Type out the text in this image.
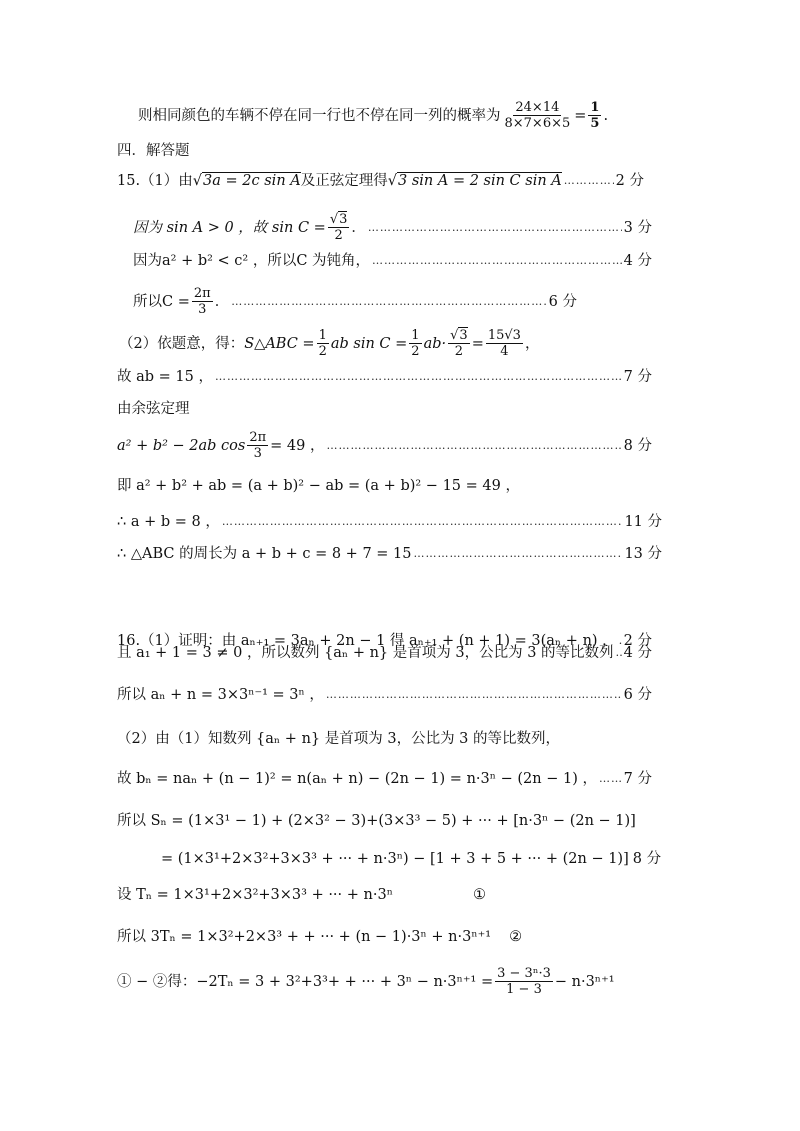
则相同颜色的车辆不停在同一行也不停在同一列的概率为 $\frac{24\times 14}{8\times 7\times 6\times 5} = \frac{1}{5}$ .
四．解答题
15.（1）由 √3a = 2c sin A 及正弦定理得 √3 sin A = 2 sin C sin A …………………………………………………………………………………………………………………………………………………………………………………………	2 分
因为 sin A > 0 ，故 $\sin C = \frac{√3}{2}$ ． …………………………………………………………………………………………………………………………………………………………………………………………	3 分
因为a² + b² < c² ，所以C 为钝角， …………………………………………………………………………………………………………………………………………………………………………………………	4 分
所以$C = \frac{2\pi}{3}$ ． …………………………………………………………………………………………………………………………………………………………………………………………	6 分
（2）依题意，得： S△ABC = $\frac{1}{2}$ ab $\sin C = \frac{1}{2} ab\cdot \frac{√3}{2} = \frac{15√3}{4}$ ，
故 ab = 15 ， …………………………………………………………………………………………………………………………………………………………………………………………	7 分
由余弦定理
a² + b² − 2ab $\cos \frac{2\pi}{3} = 49$ ， …………………………………………………………………………………………………………………………………………………………………………………………	8 分
即 a² + b² + ab = (a + b)² − ab = (a + b)² − 15 = 49 ，
∴ a + b = 8 ， …………………………………………………………………………………………………………………………………………………………………………………………	11 分
∴ △ABC 的周长为 a + b + c = 8 + 7 = 15 …………………………………………………………………………………………………………………………………………………………………………………………	13 分
16.（1）证明：由 aₙ₊₁ = 3aₙ + 2n − 1 得 aₙ₊₁ + (n + 1) = 3(aₙ + n) ， ………………………………………………………………………………………………………………………………………………………………………………………… 2 分
且 a₁ + 1 = 3 ≠ 0 ，所以数列 {aₙ + n} 是首项为 3，公比为 3 的等比数列 ………………………………………………………………………………………………………………………………………………………………………………………… 4 分
所以 aₙ + n = 3×3ⁿ⁻¹ = 3ⁿ ， …………………………………………………………………………………………………………………………………………………………………………………………	6 分
（2）由（1）知数列 {aₙ + n} 是首项为 3，公比为 3 的等比数列，
故 bₙ = naₙ + (n − 1)² = n(aₙ + n) − (2n − 1) = n·3ⁿ − (2n − 1) ， ………………………………………………………………………………………………………………………………………………………………………………………… 7 分
所以 Sₙ = (1×3¹ − 1) + (2×3² − 3)+(3×3³ − 5) + ··· + [n·3ⁿ − (2n − 1)]
= (1×3¹+2×3²+3×3³ + ··· + n·3ⁿ) − [1 + 3 + 5 + ··· + (2n − 1)] 8 分
设 Tₙ = 1×3¹+2×3²+3×3³ + ··· + n·3ⁿ	①
所以 3Tₙ = 1×3²+2×3³ + + ··· + (n − 1)·3ⁿ + n·3ⁿ⁺¹ ②
① − ②得：−2Tₙ = 3 + 3²+3³+ + ··· + $3^n - n\cdot 3^{n+1} = \frac{\text{3 − 3ⁿ·3}}{1 - 3} - n\cdot 3^{n+1}$
